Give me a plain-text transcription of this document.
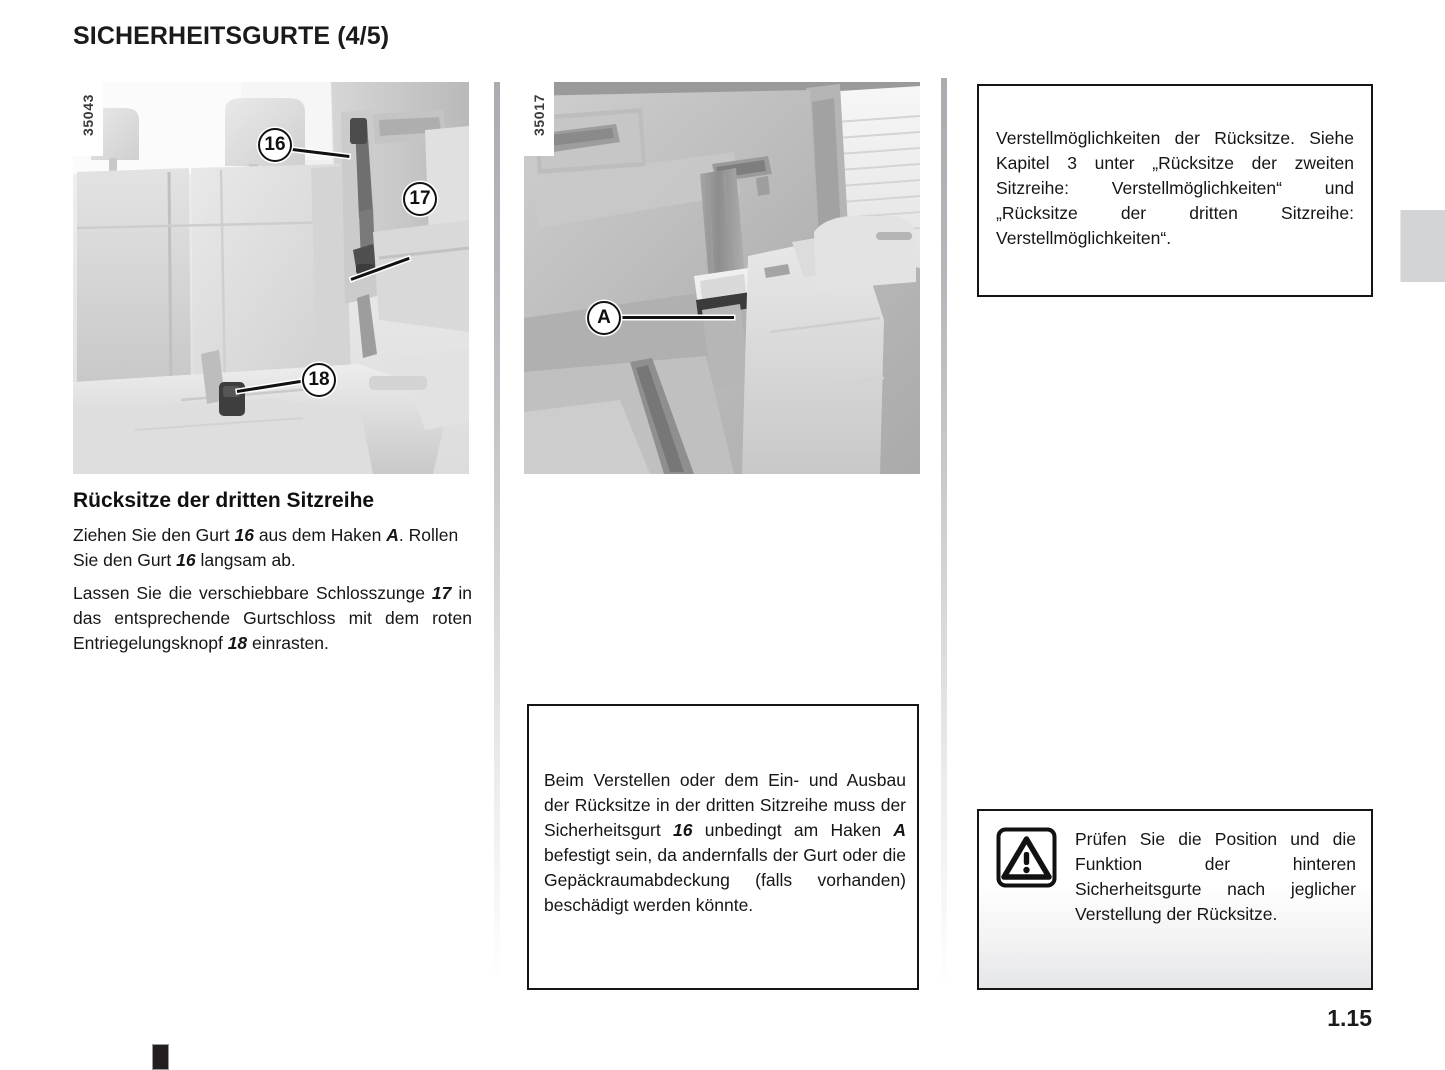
SICHERHEITSGURTE (4/5)
16
17
18
35043
A
35017
Rücksitze der dritten Sitzreihe
Ziehen Sie den Gurt 16 aus dem Haken A. Rollen Sie den Gurt 16 langsam ab.
Lassen Sie die verschiebbare Schlosszunge 17 in das entsprechende Gurtschloss mit dem roten Entriegelungsknopf 18 einrasten.
Beim Verstellen oder dem Ein- und Ausbau der Rücksitze in der dritten Sitzreihe muss der Sicherheitsgurt 16 unbedingt am Haken A befestigt sein, da andernfalls der Gurt oder die Gepäckraumabdeckung (falls vorhanden) beschädigt werden könnte.
Verstellmöglichkeiten der Rücksitze. Siehe Kapitel 3 unter „Rücksitze der zweiten Sitzreihe: Verstellmöglichkeiten“ und „Rücksitze der dritten Sitzreihe: Verstellmöglichkeiten“.
Prüfen Sie die Position und die Funktion der hinteren Sicherheitsgurte nach jeglicher Verstellung der Rücksitze.
1.15
